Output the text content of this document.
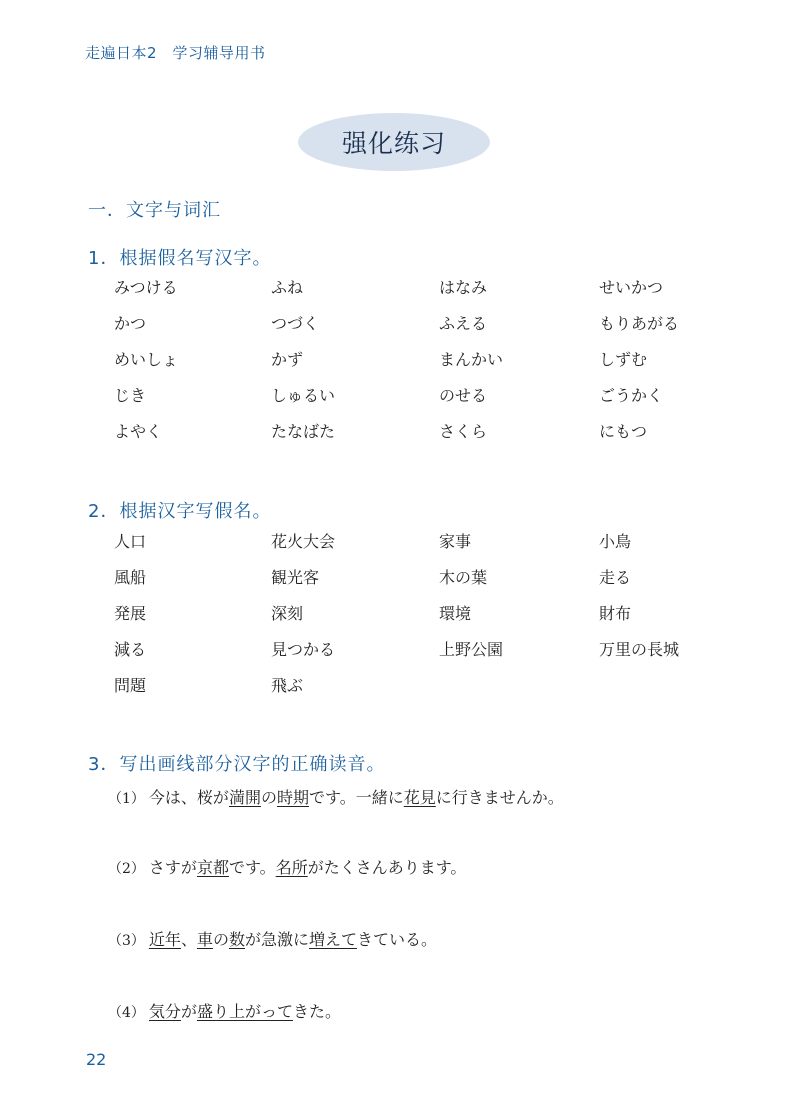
走遍日本2　学习辅导用书
强化练习
一．文字与词汇
1．根据假名写汉字。
みつける	ふね	はなみ	せいかつ
かつ	つづく	ふえる	もりあがる
めいしょ	かず	まんかい	しずむ
じき	しゅるい	のせる	ごうかく
よやく	たなばた	さくら	にもつ
2．根据汉字写假名。
人口	花火大会	家事	小鳥
風船	観光客	木の葉	走る
発展	深刻	環境	財布
減る	見つかる	上野公園	万里の長城
問題	飛ぶ
3．写出画线部分汉字的正确读音。
（1） 今は、桜が満開の時期です。一緒に花見に行きませんか。
（2） さすが京都です。名所がたくさんあります。
（3） 近年、車の数が急激に増えてきている。
（4） 気分が盛り上がってきた。
22
